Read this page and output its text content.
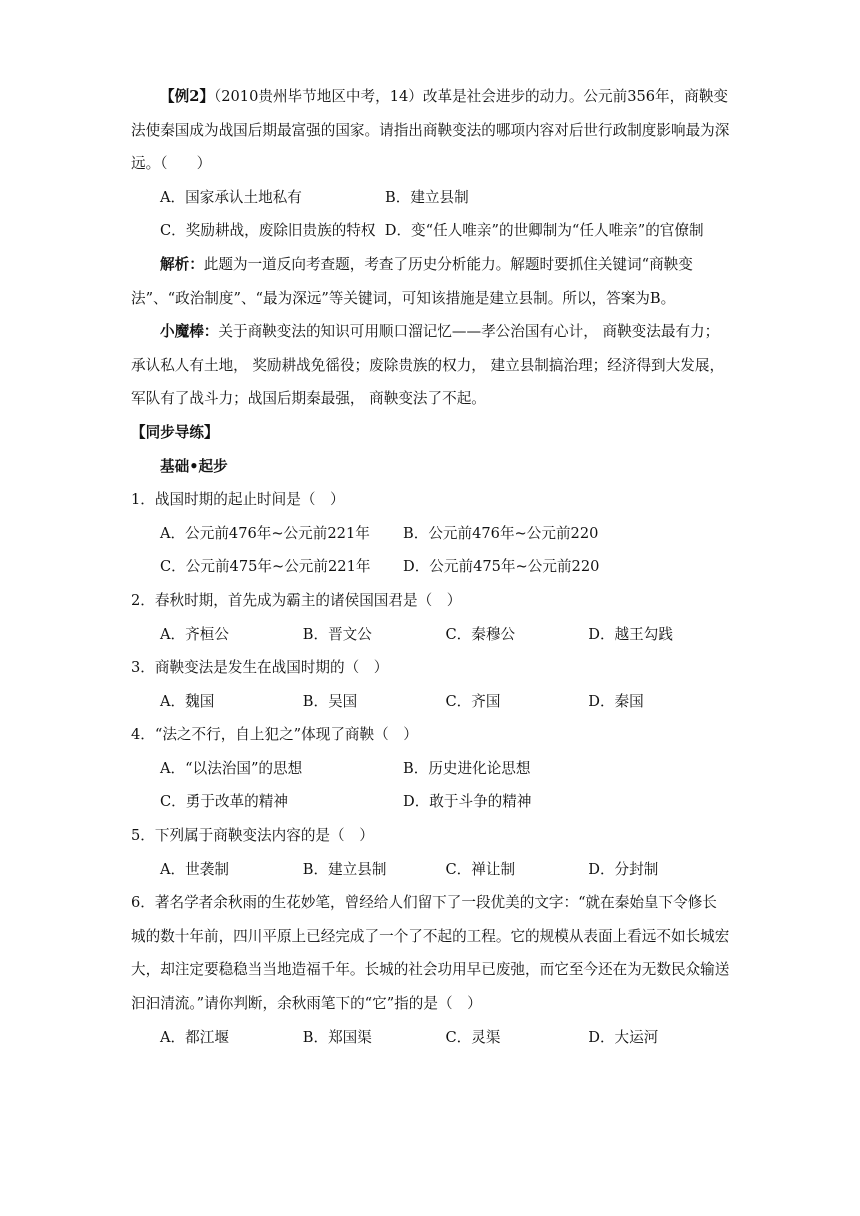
【例2】（2010贵州毕节地区中考，14）改革是社会进步的动力。公元前356年，商鞅变法使秦国成为战国后期最富强的国家。请指出商鞅变法的哪项内容对后世行政制度影响最为深远。（　　）

A．国家承认土地私有	B．建立县制

C．奖励耕战，废除旧贵族的特权 D．变“任人唯亲”的世卿制为“任人唯亲”的官僚制

解析：此题为一道反向考查题，考查了历史分析能力。解题时要抓住关键词“商鞅变法”、“政治制度”、“最为深远”等关键词，可知该措施是建立县制。所以，答案为B。

小魔棒：关于商鞅变法的知识可用顺口溜记忆——孝公治国有心计， 商鞅变法最有力；承认私人有土地， 奖励耕战免徭役；废除贵族的权力， 建立县制搞治理；经济得到大发展，军队有了战斗力；战国后期秦最强， 商鞅变法了不起。

【同步导练】

基础•起步

1．战国时期的起止时间是（　）

A．公元前476年~公元前221年	B．公元前476年~公元前220
C．公元前475年~公元前221年	D．公元前475年~公元前220

2．春秋时期，首先成为霸主的诸侯国国君是（　）

A．齐桓公	B．晋文公	C．秦穆公	D．越王勾践

3．商鞅变法是发生在战国时期的（　）

A．魏国	B．吴国	C．齐国	D．秦国

4．“法之不行，自上犯之”体现了商鞅（　）

A．“以法治国”的思想	B．历史进化论思想
C．勇于改革的精神	D．敢于斗争的精神

5．下列属于商鞅变法内容的是（　）

A．世袭制	B．建立县制	C．禅让制	D．分封制

6．著名学者余秋雨的生花妙笔，曾经给人们留下了一段优美的文字：“就在秦始皇下令修长城的数十年前，四川平原上已经完成了一个了不起的工程。它的规模从表面上看远不如长城宏大，却注定要稳稳当当地造福千年。长城的社会功用早已废弛，而它至今还在为无数民众输送汩汩清流。”请你判断，余秋雨笔下的“它”指的是（　）

A．都江堰	B．郑国渠	C．灵渠	D．大运河
